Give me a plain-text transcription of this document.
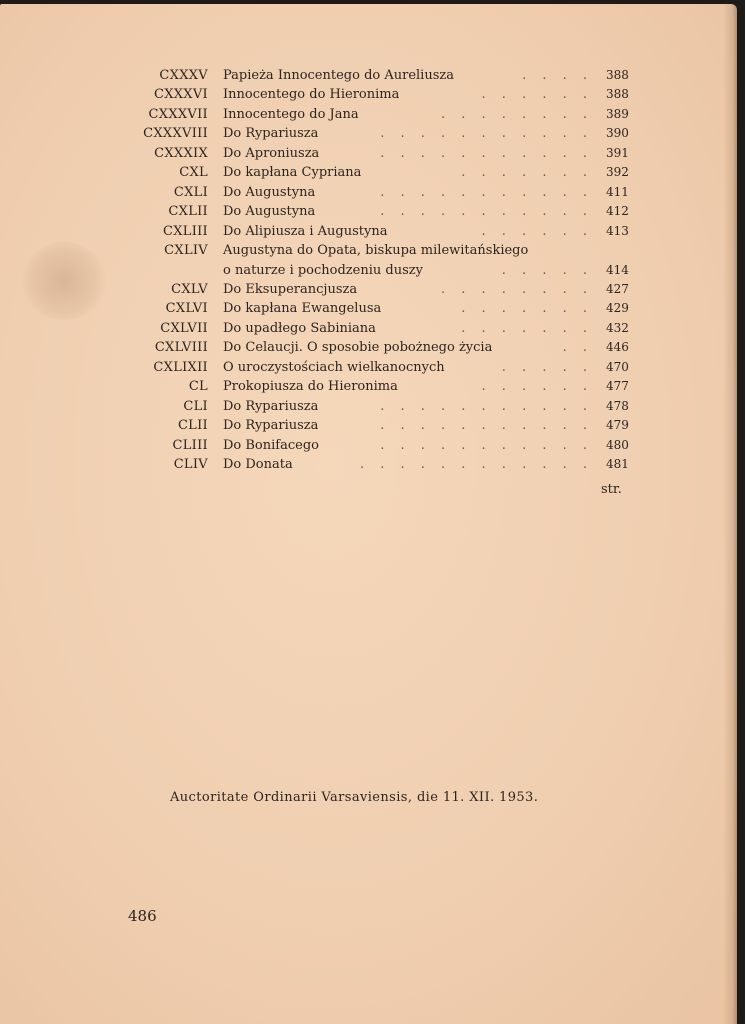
CXXXV Papieża Innocentego do Aureliusza	. . . . 388
CXXXVI Innocentego do Hieronima	. . . . . . 388
CXXXVII Innocentego do Jana	. . . . . . . . 389
CXXXVIII Do Rypariusza	. . . . . . . . . . . 390
CXXXIX Do Aproniusza	. . . . . . . . . . . 391
CXL Do kapłana Cypriana	. . . . . . . 392
CXLI Do Augustyna	. . . . . . . . . . . 411
CXLII Do Augustyna	. . . . . . . . . . . 412
CXLIII Do Alipiusza i Augustyna	. . . . . . 413
CXLIV Augustyna do Opata, biskupa milewitańskiego
o naturze i pochodzeniu duszy	. . . . . 414
CXLV Do Eksuperancjusza	. . . . . . . . 427
CXLVI Do kapłana Ewangelusa	. . . . . . . 429
CXLVII Do upadłego Sabiniana	. . . . . . . 432
CXLVIII Do Celaucji. O sposobie pobożnego życia	. . 446
CXLIXII O uroczystościach wielkanocnych	. . . . . 470
CL Prokopiusza do Hieronima	. . . . . . 477
CLI Do Rypariusza	. . . . . . . . . . . 478
CLII Do Rypariusza	. . . . . . . . . . . 479
CLIII Do Bonifacego	. . . . . . . . . . . 480
CLIV Do Donata	. . . . . . . . . . . . 481
str.
Auctoritate Ordinarii Varsaviensis, die 11. XII. 1953.
486
